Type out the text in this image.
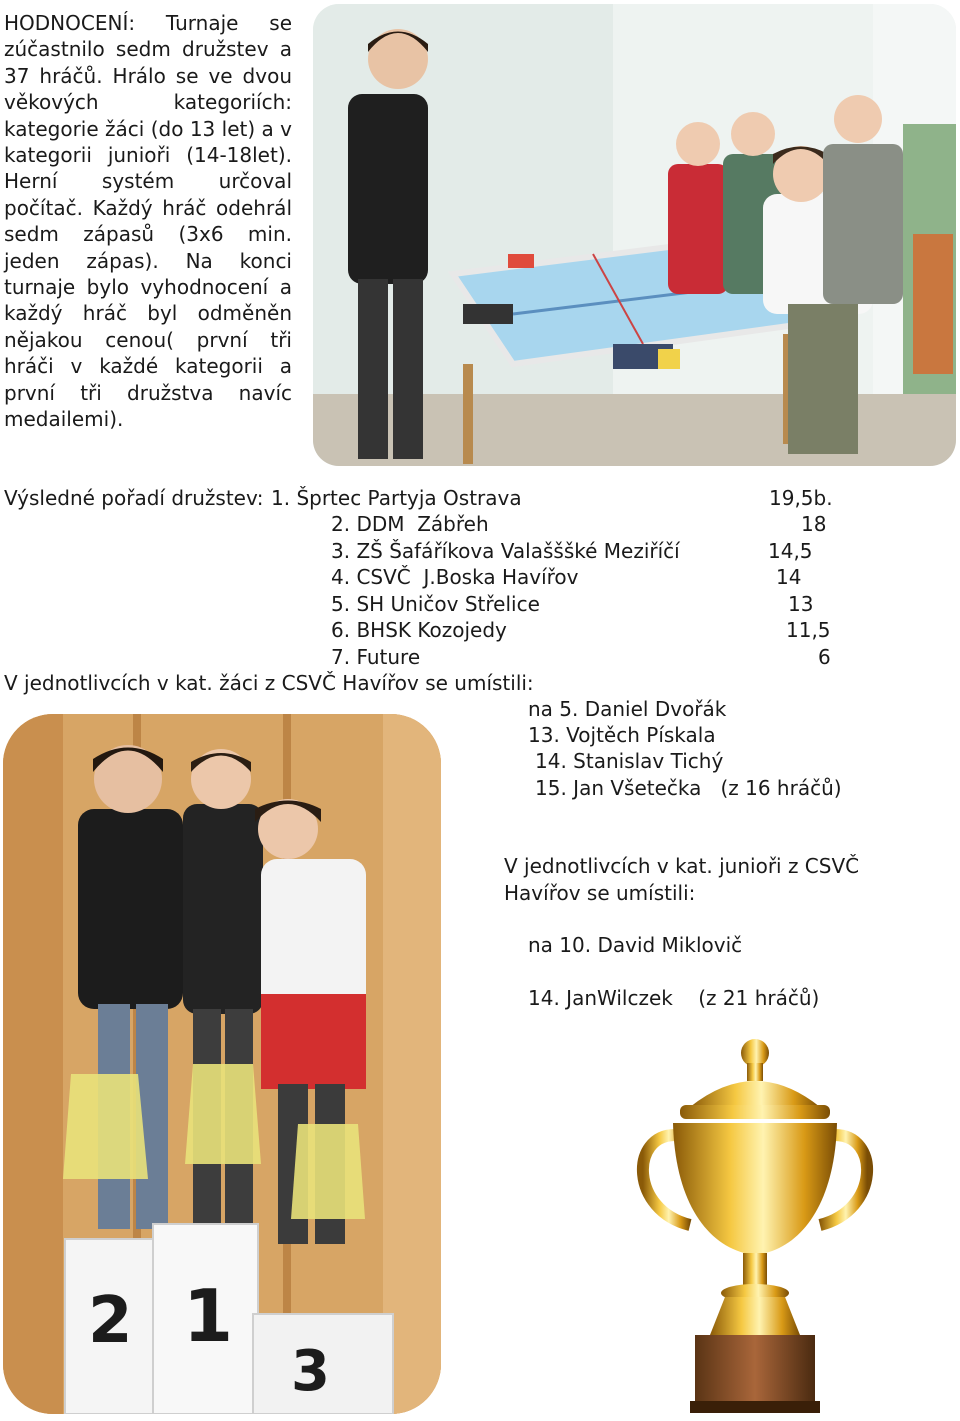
HODNOCENÍ: Turnaje se zúčastnilo sedm družstev a 37 hráčů. Hrálo se ve dvou věkových kategoriích: kategorie žáci (do 13 let) a v kategorii junioři (14-18let). Herní systém určoval počítač. Každý hráč odehrál sedm zápasů (3x6 min. jeden zápas). Na konci turnaje bylo vyhodnocení a každý hráč byl odměněn nějakou cenou( první tři hráči v každé kategorii a první tři družstva navíc medailemi).
Výsledné pořadí družstev: 1. Šprtec Partyja Ostrava	19,5b.
2. DDM  Zábřeh	18
3. ZŠ Šafáříkova Valašššké Meziříčí	14,5
4. CSVČ  J.Boska Havířov	14
5. SH Uničov Střelice	13
6. BHSK Kozojedy	11,5
7. Future	6
V jednotlivcích v kat. žáci z CSVČ Havířov se umístili:
na 5. Daniel Dvořák
13. Vojtěch Pískala
14. Stanislav Tichý
15. Jan Všetečka   (z 16 hráčů)
V jednotlivcích v kat. junioři z CSVČ
Havířov se umístili:
na 10. David Miklovič
14. JanWilczek    (z 21 hráčů)
2 1
3
